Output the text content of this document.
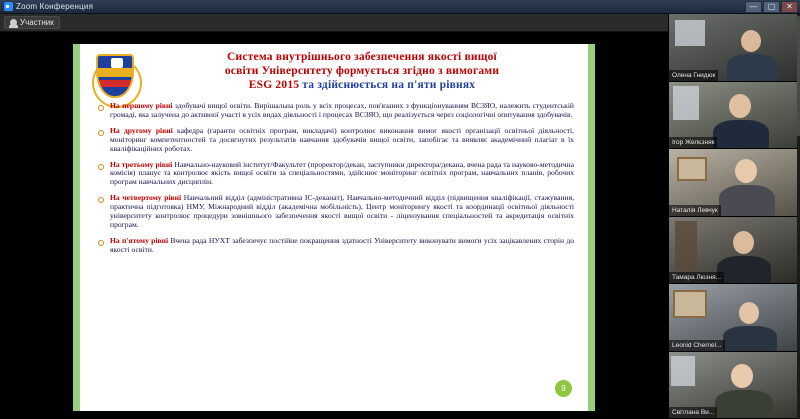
Zoom Конференция	—	▢	✕
Участник
Система внутрішнього забезпечення якості вищої
освіти Університету формується згідно з вимогами
ESG 2015 та здійснюється на п'яти рівнях
На першому рівні здобувачі вищої освіти. Вирішальна роль у всіх процесах, пов'язаних з функціонуванням ВСЗЯО, належить студентській громаді, яка залучена до активної участі в усіх видах діяльності і процесах ВСЗЯО, що реалізується через соціологічні опитування здобувачів.
На другому рівні кафедра (гаранти освітніх програм, викладачі) контролює виконання вимог якості організації освітньої діяльності, моніторинг компетентностей та досягнутих результатів навчання здобувачів вищої освіти, запобігає та виявляє академічний плагіат в їх кваліфікаційних роботах.
На третьому рівні Навчально-науковий інститут/Факультет (проректор/декан, заступники директора/декана, вчена рада та науково-методична комісія) планує та контролює якість вищої освіти за спеціальностями, здійснює моніторинг освітніх програм, навчальних планів, робочих програм навчальних дисциплін.
На четвертому рівні Навчальний відділ (адміністративна ІС-деканат), Навчально-методичний відділ (підвищення кваліфікації, стажування, практична підготовка) НМУ, Міжнародний відділ (академічна мобільність), Центр моніторингу якості та координації освітньої діяльності університету контролює процедури зовнішнього забезпечення якості вищої освіти - ліцензування спеціальностей та акредитація освітніх програм.
На п'ятому рівні Вчена рада НУХТ забезпечує постійне покращення здатності Університету виконувати вимоги усіх зацікавлених сторін до якості освіти.
9
Олена Гнидюк
Ігор Желєзняк
Наталія Левчук
Тамара Люзня...
Leonid Chernel...
Світлана Ви...
